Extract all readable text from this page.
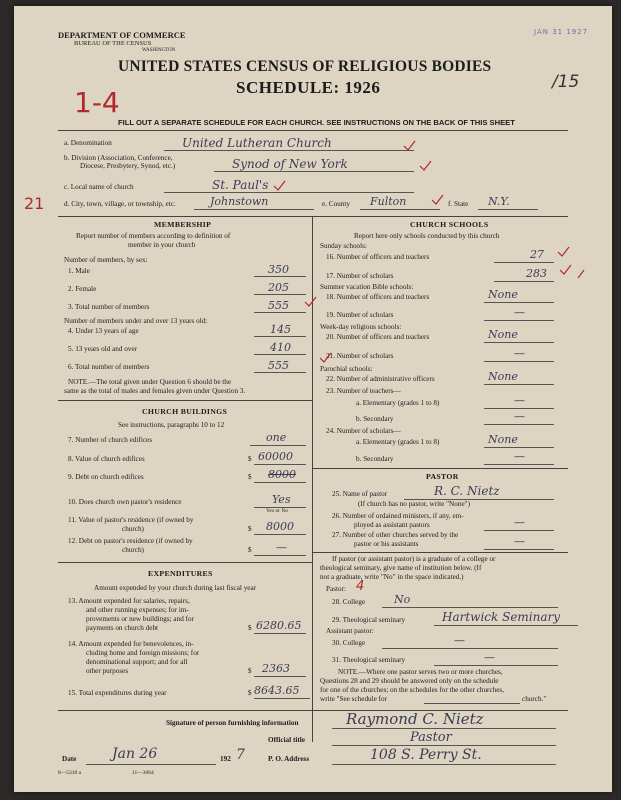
DEPARTMENT OF COMMERCE
BUREAU OF THE CENSUS
WASHINGTON
JAN 31 1927
/15
UNITED STATES CENSUS OF RELIGIOUS BODIES
SCHEDULE: 1926
1-4
FILL OUT A SEPARATE SCHEDULE FOR EACH CHURCH. SEE INSTRUCTIONS ON THE BACK OF THIS SHEET
a. Denomination	United Lutheran Church
b. Division (Association, Conference,
Diocese, Presbytery, Synod, etc.)	Synod of New York
c. Local name of church	St. Paul's
21	d. City, town, village, or township, etc.	Johnstown	e. County Fulton	f. State N.Y.
MEMBERSHIP
Report number of members according to definition of
member in your church
Number of members, by sex:
1. Male	350
2. Female	205
3. Total number of members	555
Number of members under and over 13 years old:
4. Under 13 years of age	145
5. 13 years old and over	410
6. Total number of members	555
NOTE.—The total given under Question 6 should be the
same as the total of males and females given under Question 3.
CHURCH BUILDINGS
See instructions, paragraphs 10 to 12
7. Number of church edifices	one
8. Value of church edifices	$ 60000
9. Debt on church edifices	$ 8000
10. Does church own pastor's residence	Yes
Yes or No
11. Value of pastor's residence (if owned by
church)	$ 8000
12. Debt on pastor's residence (if owned by
church)	$ —
EXPENDITURES
Amount expended by your church during last fiscal year
13. Amount expended for salaries, repairs,
and other running expenses; for im-
provements or new buildings; and for
payments on church debt	$ 6280.65
14. Amount expended for benevolences, in-
cluding home and foreign missions; for
denominational support; and for all
other purposes	$ 2363
15. Total expenditures during year	$ 8643.65
CHURCH SCHOOLS
Report here only schools conducted by this church
Sunday schools:
16. Number of officers and teachers	27
17. Number of scholars	283
Summer vacation Bible schools:
18. Number of officers and teachers	None
19. Number of scholars	—
Week-day religious schools:
20. Number of officers and teachers	None
21. Number of scholars	—
Parochial schools:
22. Number of administrative officers	None
23. Number of teachers—
a. Elementary (grades 1 to 8)	—
b. Secondary	—
24. Number of scholars—
a. Elementary (grades 1 to 8)	None
b. Secondary	—
PASTOR
25. Name of pastor	R. C. Nietz
(If church has no pastor, write "None")
26. Number of ordained ministers, if any, em-
ployed as assistant pastors	—
27. Number of other churches served by the
pastor or his assistants	—
If pastor (or assistant pastor) is a graduate of a college or
theological seminary, give name of institution below. (If
not a graduate, write "No" in the space indicated.)
Pastor: 4
28. College	No
29. Theological seminary	Hartwick Seminary
Assistant pastor:
30. College	—
31. Theological seminary	—
NOTE.—Where one pastor serves two or more churches,
Questions 28 and 29 should be answered only on the schedule
for one of the churches; on the schedules for the other churches,
write "See schedule for	church."
Signature of person furnishing information	Raymond C. Nietz
Official title	Pastor
Date	Jan 26	192 7	P. O. Address	108 S. Perry St.
8—5318 a	11—3064
